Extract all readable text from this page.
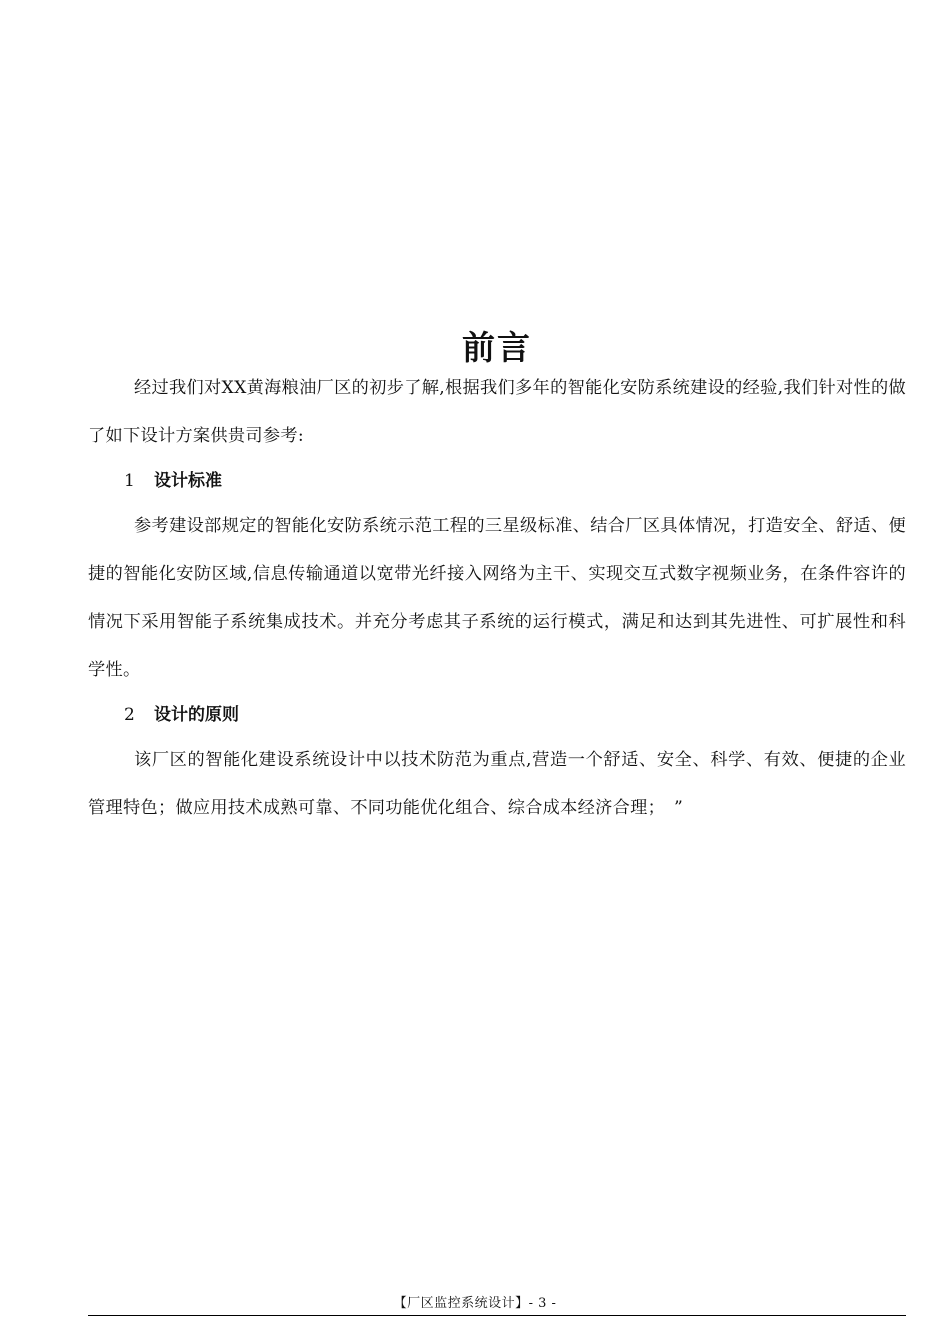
前言

经过我们对XX黄海粮油厂区的初步了解,根据我们多年的智能化安防系统建设的经验,我们针对性的做了如下设计方案供贵司参考:

1 设计标准

参考建设部规定的智能化安防系统示范工程的三星级标准、结合厂区具体情况，打造安全、舒适、便捷的智能化安防区域,信息传输通道以宽带光纤接入网络为主干、实现交互式数字视频业务，在条件容许的情况下采用智能子系统集成技术。并充分考虑其子系统的运行模式，满足和达到其先进性、可扩展性和科学性。

2 设计的原则

该厂区的智能化建设系统设计中以技术防范为重点,营造一个舒适、安全、科学、有效、便捷的企业管理特色；做应用技术成熟可靠、不同功能优化组合、综合成本经济合理；　”

【厂区监控系统设计】- 3 -
